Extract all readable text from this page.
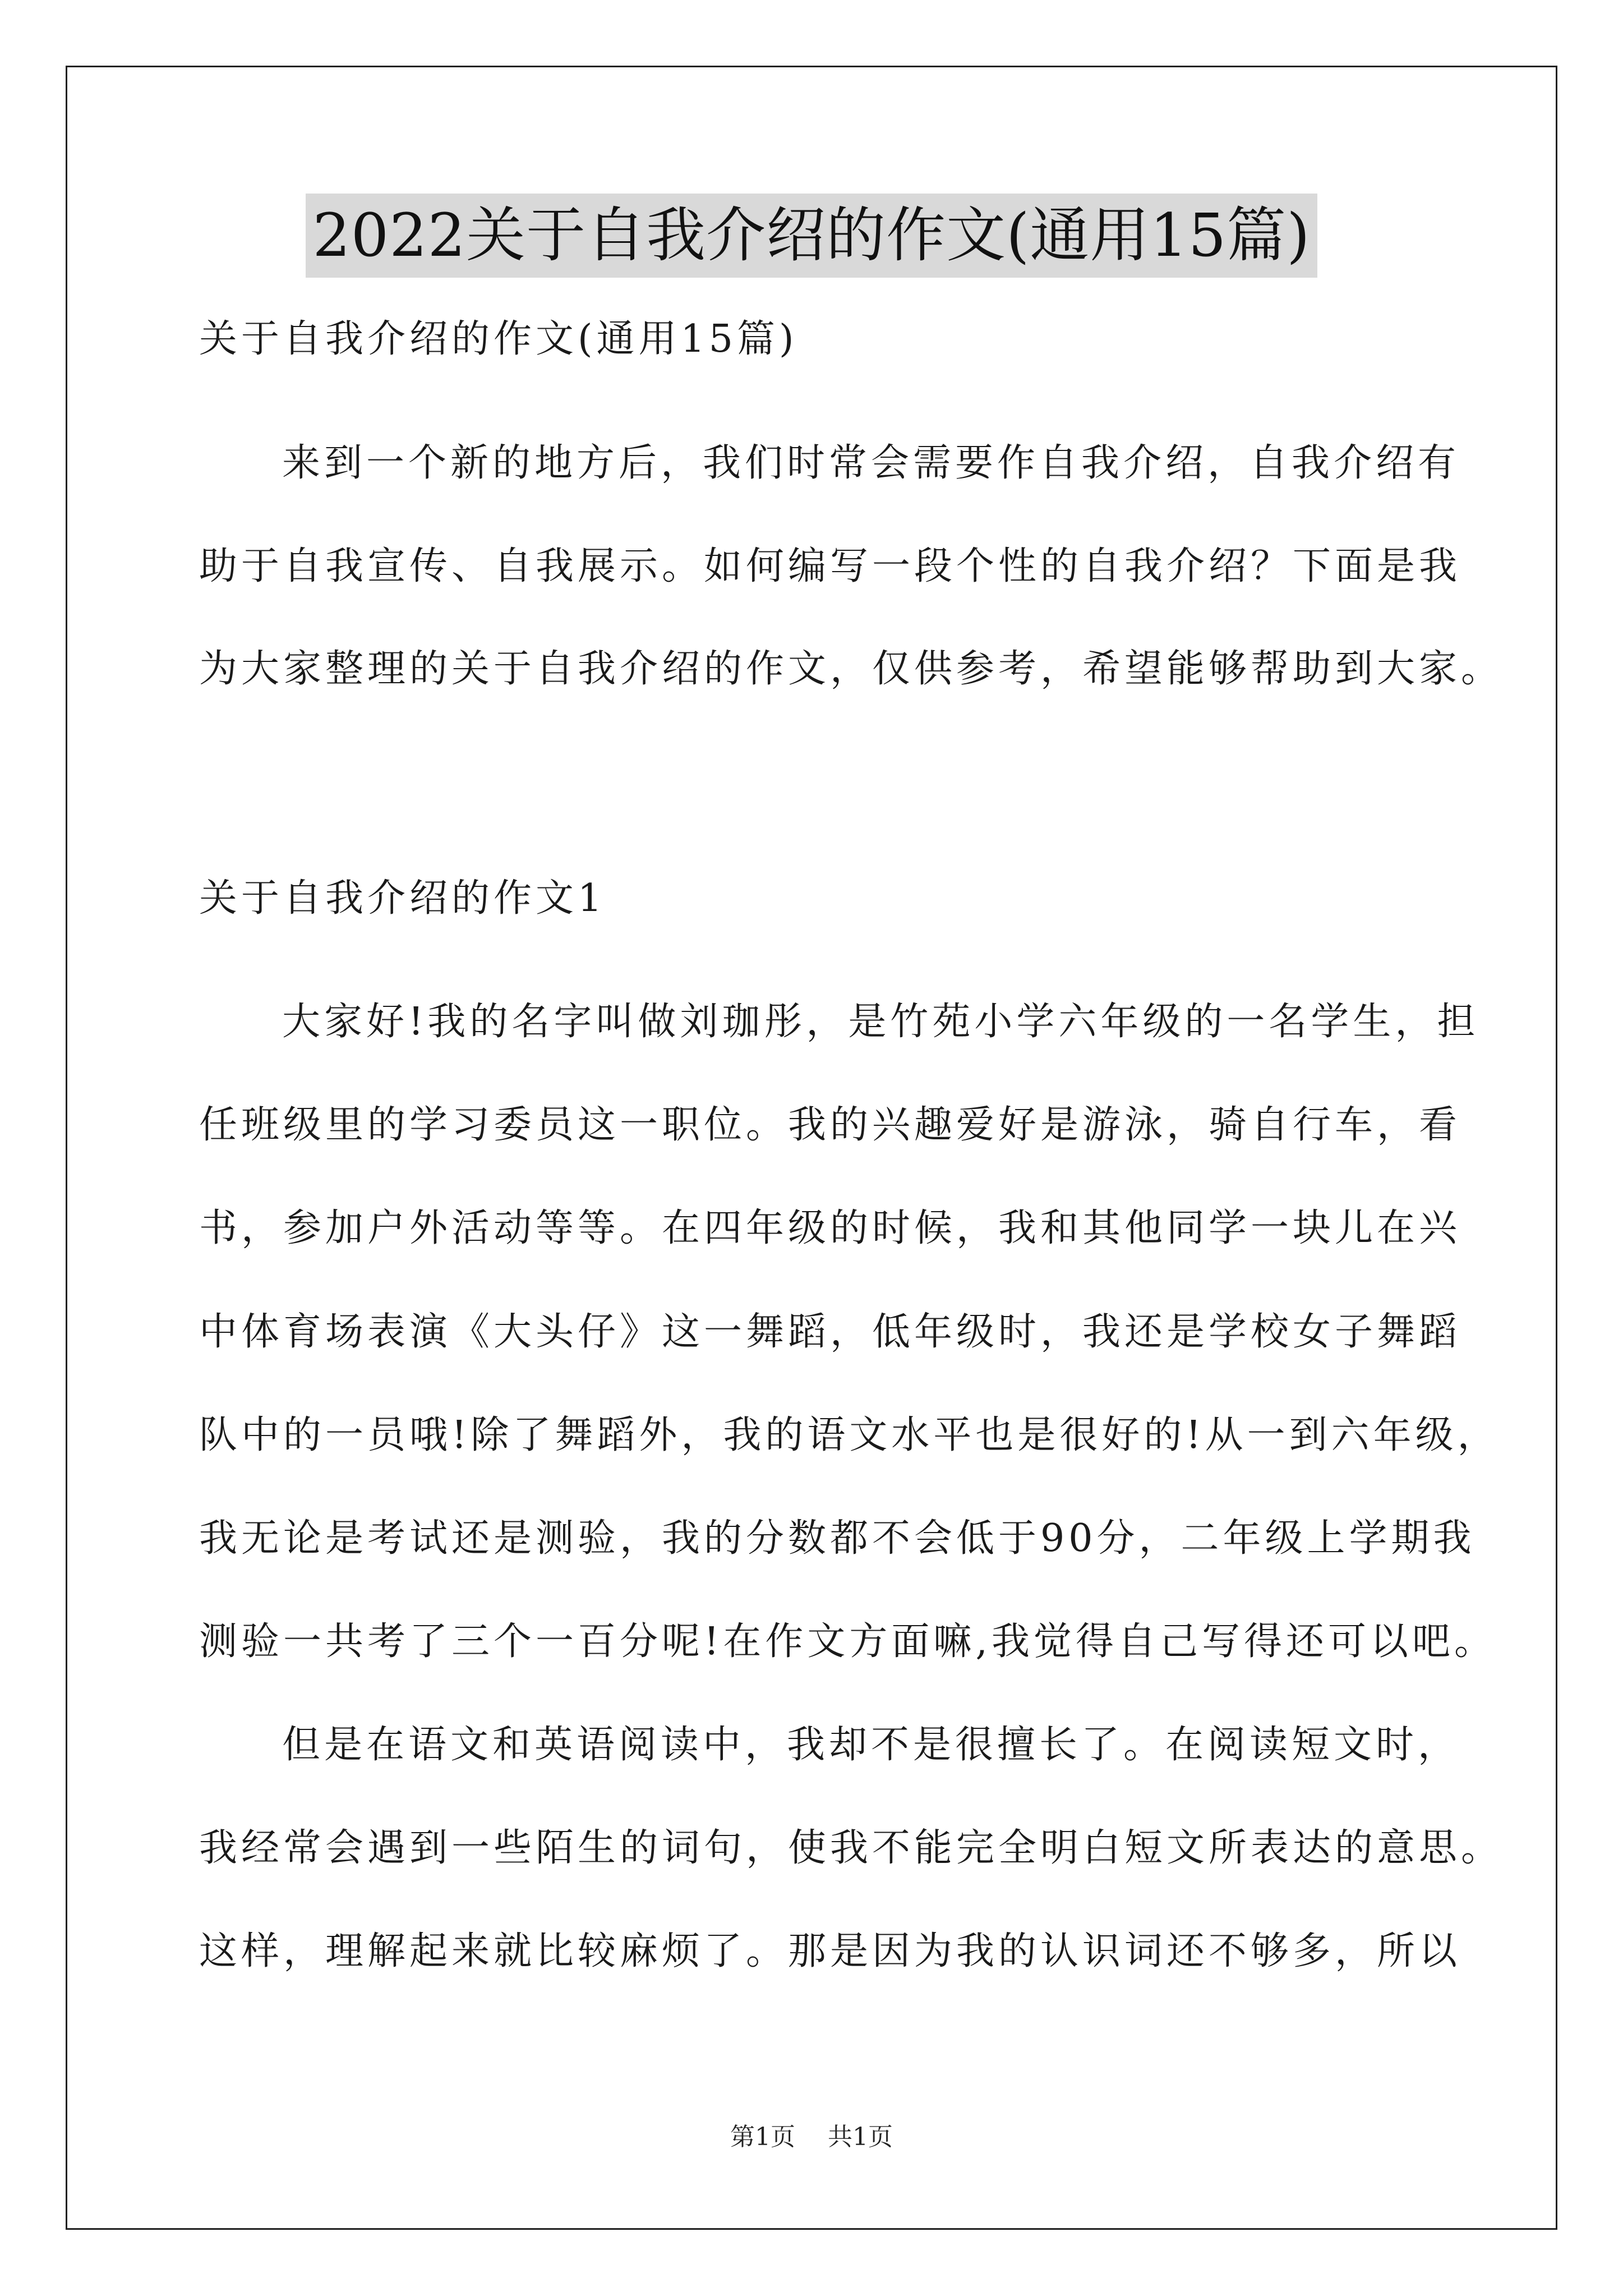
2022关于自我介绍的作文(通用15篇)
关于自我介绍的作文(通用15篇)
来到一个新的地方后，我们时常会需要作自我介绍，自我介绍有
助于自我宣传、自我展示。如何编写一段个性的自我介绍？下面是我
为大家整理的关于自我介绍的作文，仅供参考，希望能够帮助到大家。
关于自我介绍的作文1
大家好!我的名字叫做刘珈彤，是竹苑小学六年级的一名学生，担
任班级里的学习委员这一职位。我的兴趣爱好是游泳，骑自行车，看
书，参加户外活动等等。在四年级的时候，我和其他同学一块儿在兴
中体育场表演《大头仔》这一舞蹈，低年级时，我还是学校女子舞蹈
队中的一员哦!除了舞蹈外，我的语文水平也是很好的!从一到六年级，
我无论是考试还是测验，我的分数都不会低于90分，二年级上学期我
测验一共考了三个一百分呢!在作文方面嘛,我觉得自己写得还可以吧。
但是在语文和英语阅读中，我却不是很擅长了。在阅读短文时，
我经常会遇到一些陌生的词句，使我不能完全明白短文所表达的意思。
这样，理解起来就比较麻烦了。那是因为我的认识词还不够多，所以
第1页 共1页
